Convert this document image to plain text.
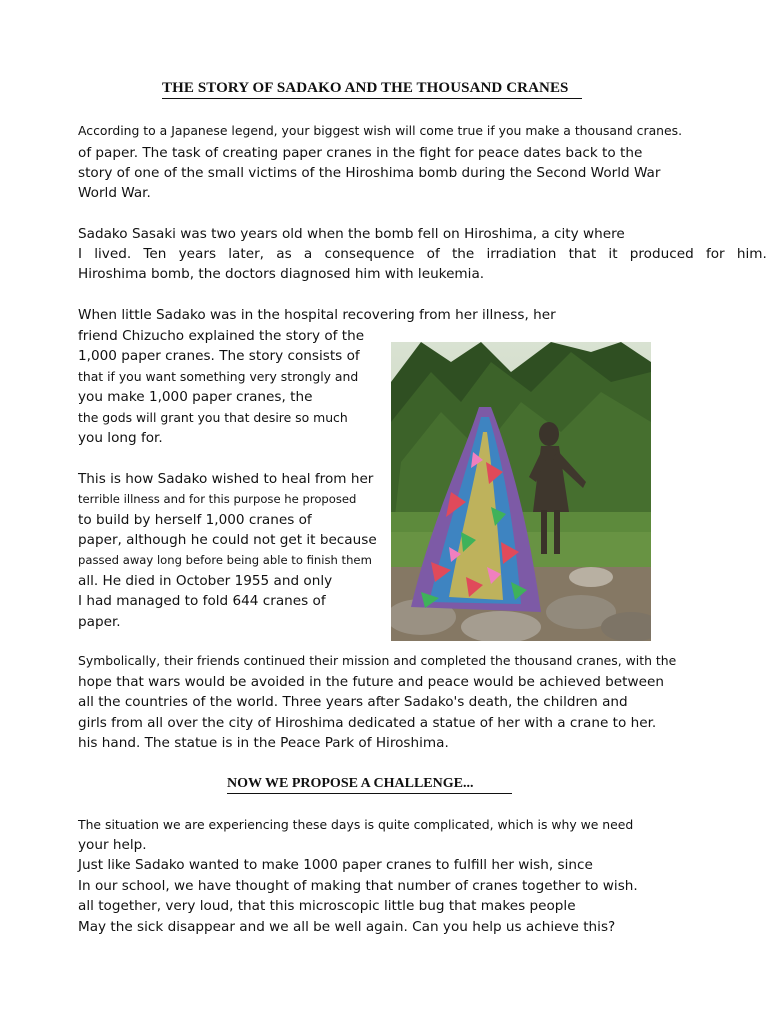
THE STORY OF SADAKO AND THE THOUSAND CRANES
According to a Japanese legend, your biggest wish will come true if you make a thousand cranes.
of paper. The task of creating paper cranes in the fight for peace dates back to the
story of one of the small victims of the Hiroshima bomb during the Second World War
World War.
Sadako Sasaki was two years old when the bomb fell on Hiroshima, a city where
I lived. Ten years later, as a consequence of the irradiation that it produced for him.
Hiroshima bomb, the doctors diagnosed him with leukemia.
When little Sadako was in the hospital recovering from her illness, her
friend Chizucho explained the story of the
1,000 paper cranes. The story consists of
that if you want something very strongly and
you make 1,000 paper cranes, the
the gods will grant you that desire so much
you long for.
This is how Sadako wished to heal from her
terrible illness and for this purpose he proposed
to build by herself 1,000 cranes of
paper, although he could not get it because
passed away long before being able to finish them
all. He died in October 1955 and only
I had managed to fold 644 cranes of
paper.
Symbolically, their friends continued their mission and completed the thousand cranes, with the
hope that wars would be avoided in the future and peace would be achieved between
all the countries of the world. Three years after Sadako's death, the children and
girls from all over the city of Hiroshima dedicated a statue of her with a crane to her.
his hand. The statue is in the Peace Park of Hiroshima.
NOW WE PROPOSE A CHALLENGE...
The situation we are experiencing these days is quite complicated, which is why we need
your help.
Just like Sadako wanted to make 1000 paper cranes to fulfill her wish, since
In our school, we have thought of making that number of cranes together to wish.
all together, very loud, that this microscopic little bug that makes people
May the sick disappear and we all be well again. Can you help us achieve this?
